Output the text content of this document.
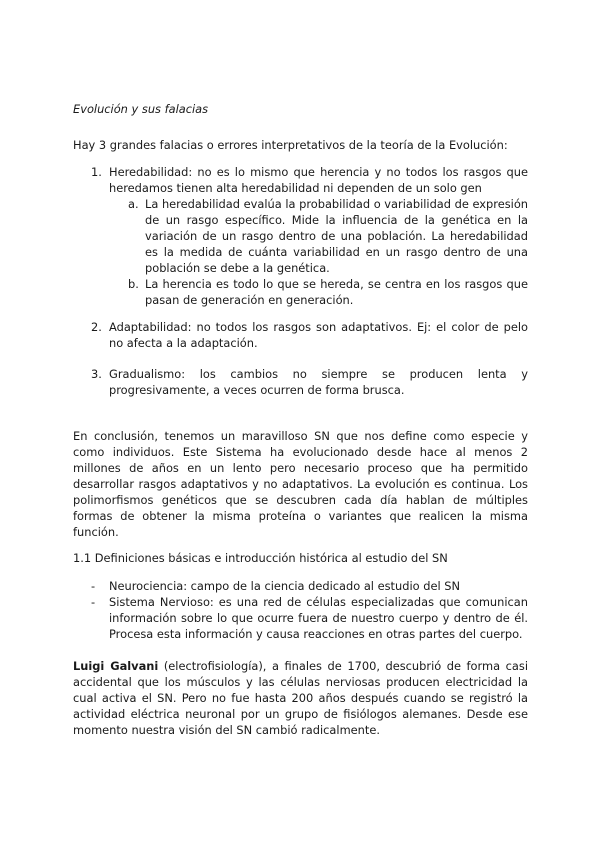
Evolución y sus falacias
Hay 3 grandes falacias o errores interpretativos de la teoría de la Evolución:
1. Heredabilidad: no es lo mismo que herencia y no todos los rasgos que heredamos tienen alta heredabilidad ni dependen de un solo gen
a. La heredabilidad evalúa la probabilidad o variabilidad de expresión de un rasgo específico. Mide la influencia de la genética en la variación de un rasgo dentro de una población. La heredabilidad es la medida de cuánta variabilidad en un rasgo dentro de una población se debe a la genética.
b. La herencia es todo lo que se hereda, se centra en los rasgos que pasan de generación en generación.
2. Adaptabilidad: no todos los rasgos son adaptativos. Ej: el color de pelo no afecta a la adaptación.
3. Gradualismo: los cambios no siempre se producen lenta y progresivamente, a veces ocurren de forma brusca.
En conclusión, tenemos un maravilloso SN que nos define como especie y como individuos. Este Sistema ha evolucionado desde hace al menos 2 millones de años en un lento pero necesario proceso que ha permitido desarrollar rasgos adaptativos y no adaptativos. La evolución es continua. Los polimorfismos genéticos que se descubren cada día hablan de múltiples formas de obtener la misma proteína o variantes que realicen la misma función.
1.1 Definiciones básicas e introducción histórica al estudio del SN
- Neurociencia: campo de la ciencia dedicado al estudio del SN
- Sistema Nervioso: es una red de células especializadas que comunican información sobre lo que ocurre fuera de nuestro cuerpo y dentro de él. Procesa esta información y causa reacciones en otras partes del cuerpo.
Luigi Galvani (electrofisiología), a finales de 1700, descubrió de forma casi accidental que los músculos y las células nerviosas producen electricidad la cual activa el SN. Pero no fue hasta 200 años después cuando se registró la actividad eléctrica neuronal por un grupo de fisiólogos alemanes. Desde ese momento nuestra visión del SN cambió radicalmente.
